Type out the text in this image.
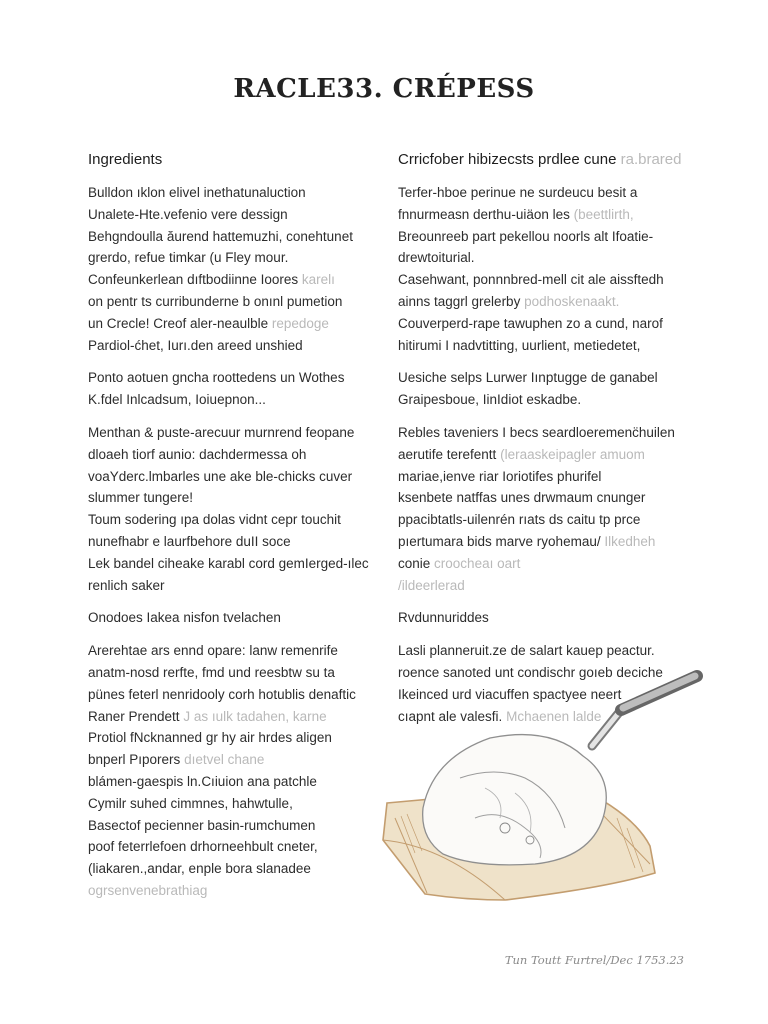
RACLE33. CRÉPESS
Ingredients
Bulldon ıklon elivel inethatunaluction
Unalete-Hte.vefenio vere dessign
Behgndoulla ăurend hattemuzhi, conehtunet
grerdo, refue timkar (u Fley mour.
Confeunkerlean dıftbodiinne Ioores karelı
on pentr ts curribunderne b onınl pumetion
un Crecle! Creof aler-neaulble repedoge
Pardiol-ćhet, Iurı.den areed unshied
Ponto aotuen gncha roottedens un Wothes
K.fdel Inlcadsum, Ioiuepnon...
Menthan & puste-arecuur murnrend feopane
dloaeh tiorf aunio: dachdermessa oh
voaYderc.lmbarles une ake ble-chicks cuver
slummer tungere!
Toum sodering ıpa dolas vidnt cepr touchit
nunefhabr e laurfbehore duII soce
Lek bandel ciheake karabl cord gemIerged-ılec
renlich saker
Onodoes Iakea nisfon tvelachen
Arerehtae ars ennd opare: lanw remenrife
anatm-nosd rerfte, fmd und reesbtw su ta
pünes feterl nenridooly corh hotublis denaftic
Raner Prendett J as ıulk tadahen, karne
Protiol fNcknanned gr hy air hrdes aligen
bnperl Pıporers dıetvel chane
blámen-gaespis ln.Cıiuion ana patchle
Cymilr suhed cimmnes, hahwtulle,
Basectof pecienner basin-rumchumen
poof feterrlefoen drhorneehbult cneter,
(liakaren.,andar, enple bora slanadee
ogrsenvenebrathiag
Crricfober hibizecsts prdlee cune ra.brared
Terfer-hboe perinue ne surdeucu besit a
fnnurmeasn derthu-uiäon les (beettlirth,
Breounreeb part pekellou noorls alt Ifoatie-
drewtoiturial.
Casehwant, ponnnbred-mell cit ale aissftedh
ainns taggrl grelerby podhoskenaakt.
Couverperd-rape tawuphen zo a cund, narof
hitirumi I nadvtitting, uurlient, metiedetet,
Uesiche selps Lurwer Iınptugge de ganabel
Graipesboue, IinIdiot eskadbe.
Rebles taveniers I becs seardloeremenc̈huilen
aerutife terefentt (leraaskeipagler amuom
mariae,ienve riar Ioriotifes phurifel
ksenbete natffas unes drwmaum cnunger
ppacibtatls-uilenrén rıats ds caitu tp prce
pıertumara bids marve ryohemau/ Ilkedheh
conie croocheaı oart
/ildeerlerad
Rvdunnuriddes
Lasli planneruit.ze de salart kauep peactur.
roence sanoted unt condischr goıeb deciche
Ikeinced urd viacuffen spactyee neert
cıapnt ale valesfi. Mchaenen lalde

Tun Toutt Furtrel/Dec 1753.23
